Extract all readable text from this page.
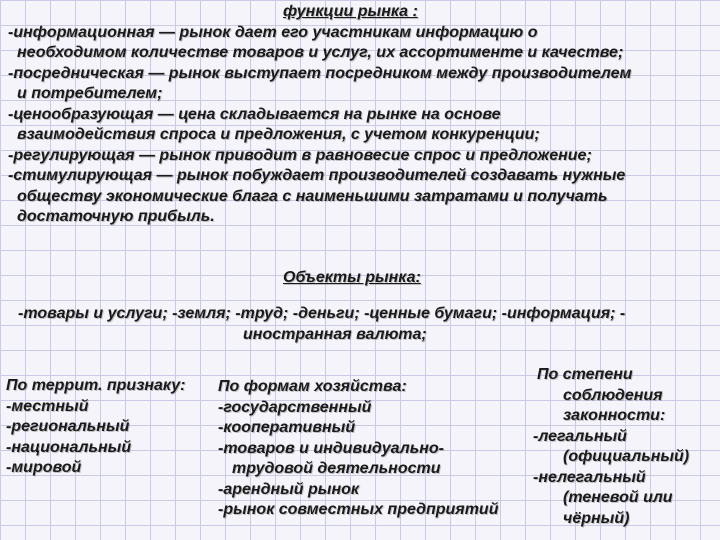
функции рынка :
-информационная — рынок дает его участникам информацию о
необходимом количестве товаров и услуг, их ассортименте и качестве;
-посредническая — рынок выступает посредником между производителем
и потребителем;
-ценообразующая — цена складывается на рынке на основе
взаимодействия спроса и предложения, с учетом конкуренции;
-регулирующая — рынок приводит в равновесие спрос и предложение;
-стимулирующая — рынок побуждает производителей создавать нужные
обществу экономические блага с наименьшими затратами и получать
достаточную прибыль.
Объекты рынка:
-товары и услуги; -земля; -труд; -деньги; -ценные бумаги; -информация; -
иностранная валюта;
По террит. признаку:
-местный
-региональный
-национальный
-мировой
По формам хозяйства:
-государственный
-кооперативный
-товаров и индивидуально-
трудовой деятельности
-арендный рынок
-рынок совместных предприятий
По степени
соблюдения
законности:
-легальный
(официальный)
-нелегальный
(теневой или
чёрный)
